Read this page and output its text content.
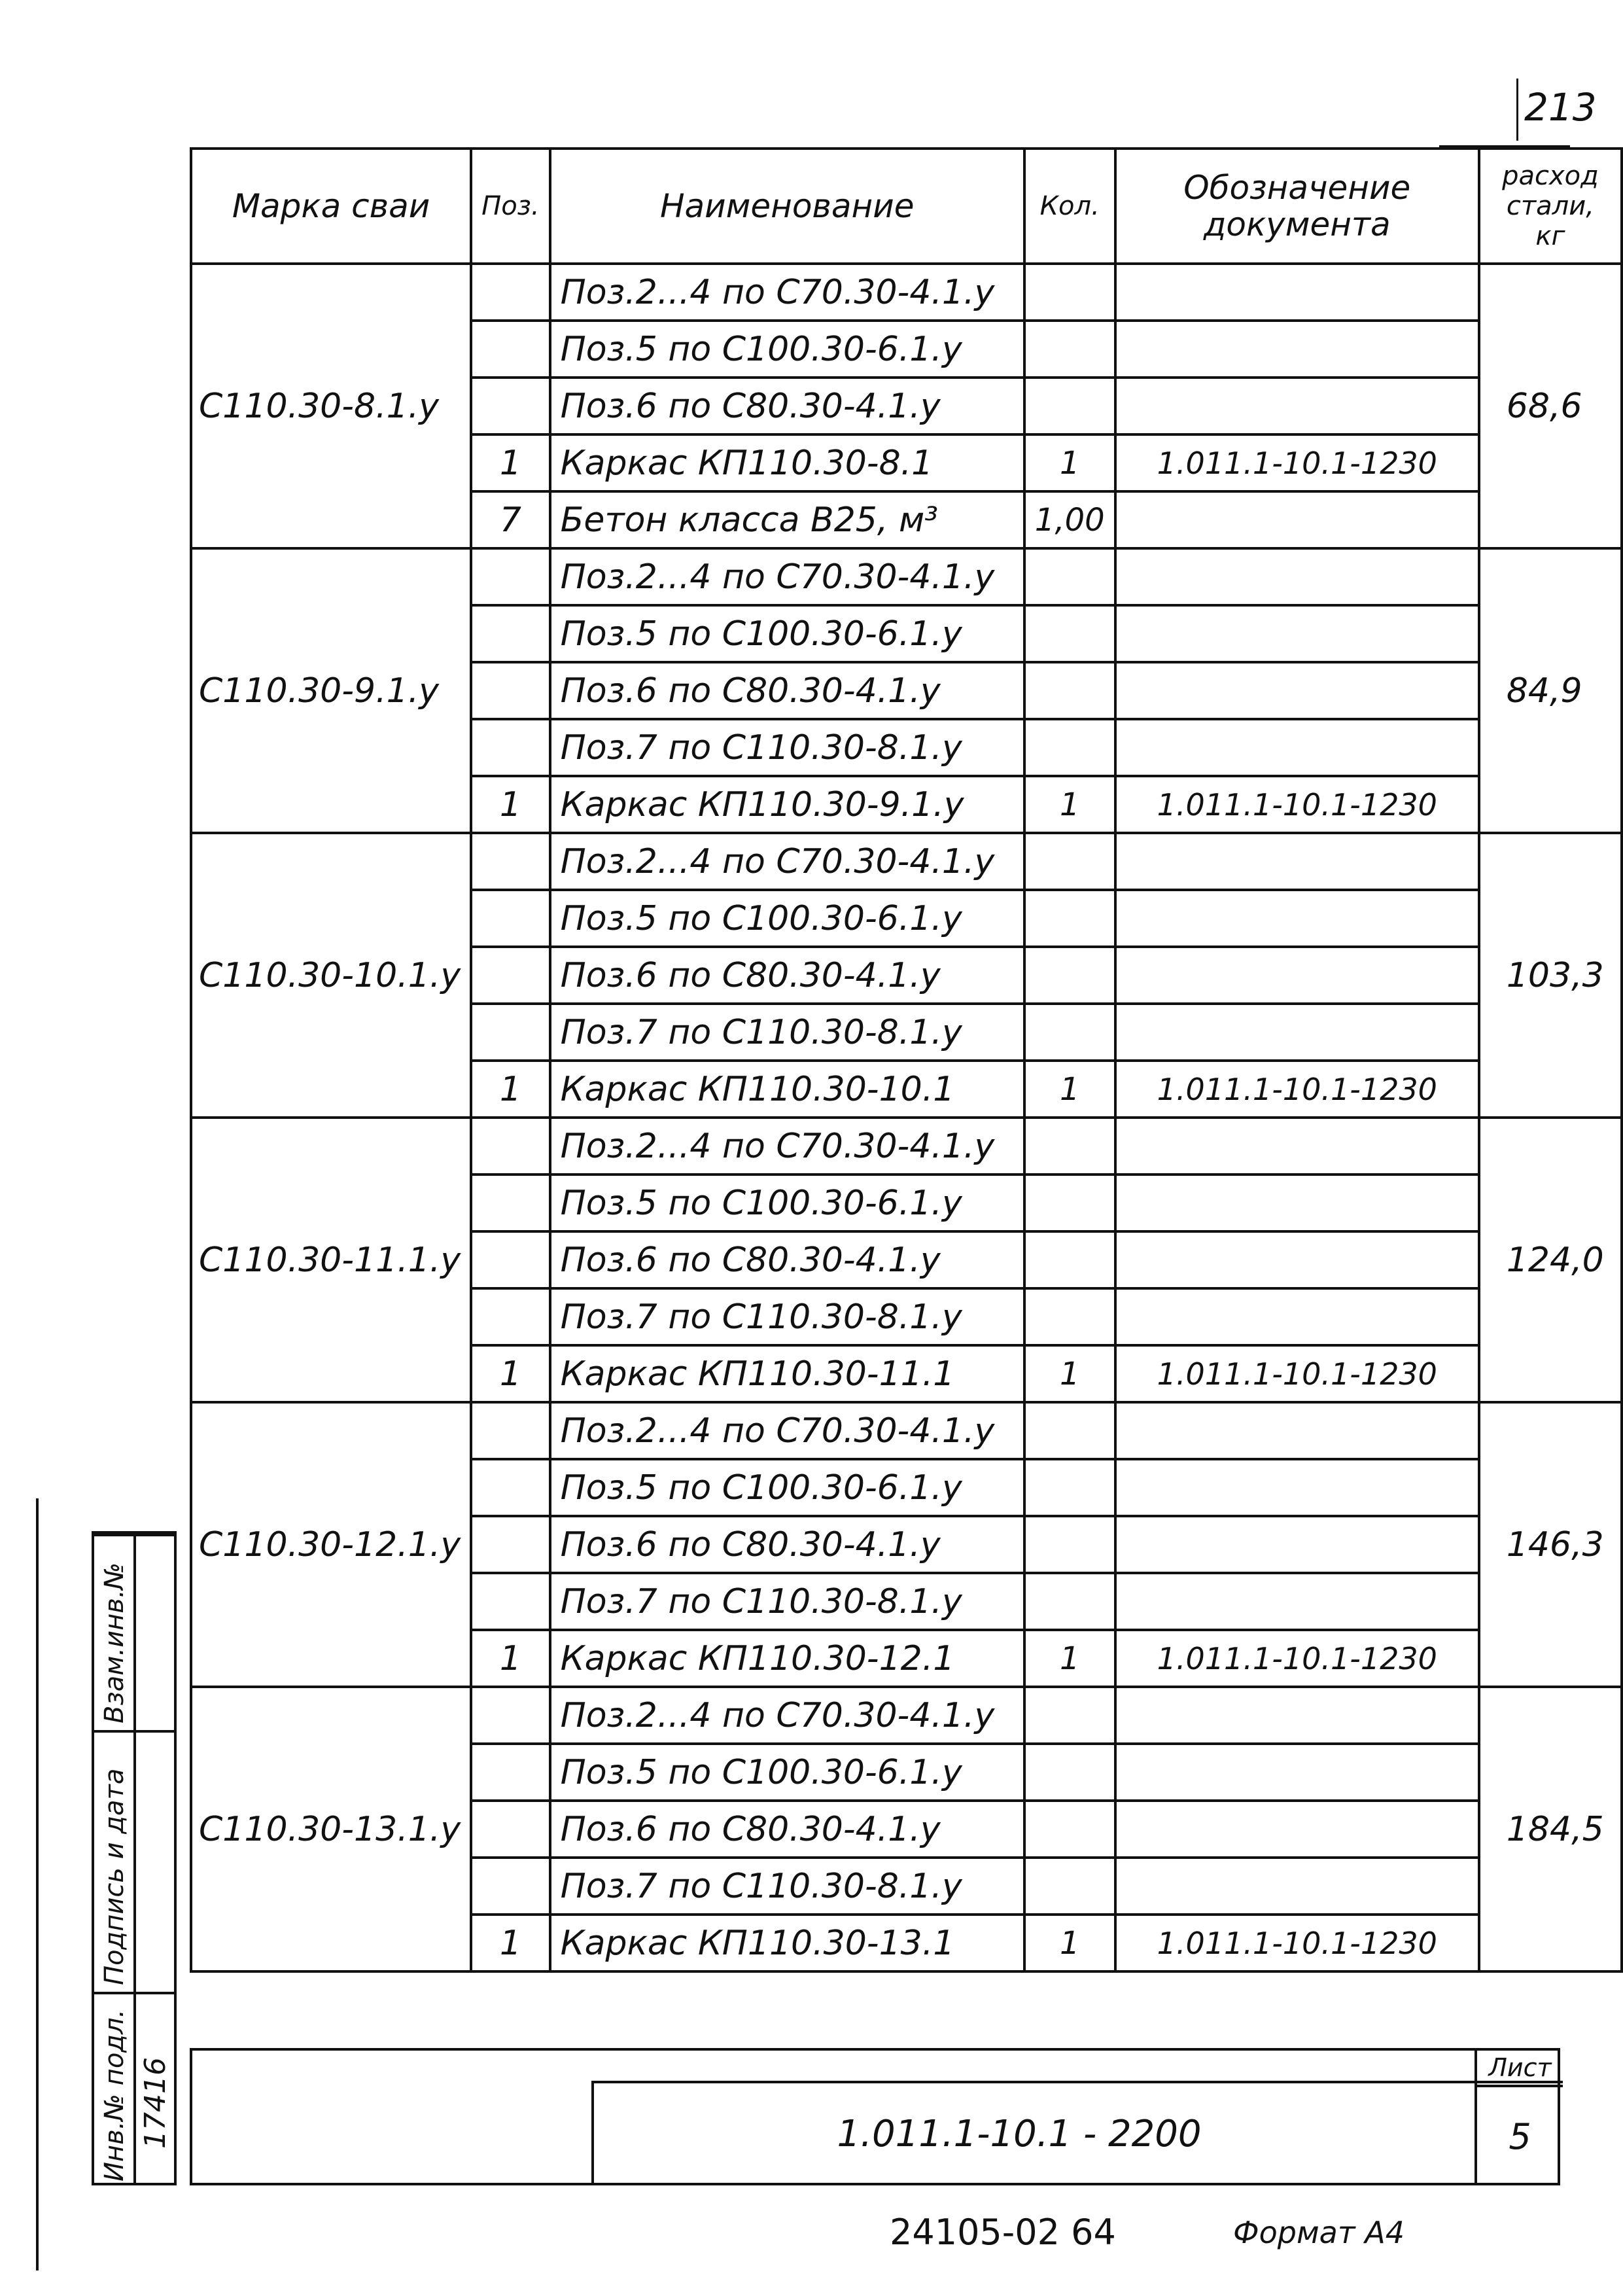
213
Марка сваи	Поз.	Наименование	Кол.	Обозначение документа	расход стали, кг
С110.30-8.1.у		Поз.2...4 по С70.30-4.1.у			68,6
		Поз.5 по С100.30-6.1.у			
		Поз.6 по С80.30-4.1.у			
	1	Каркас КП110.30-8.1	1	1.011.1-10.1-1230	
	7	Бетон класса В25, м³	1,00		
С110.30-9.1.у		Поз.2...4 по С70.30-4.1.у			84,9
		Поз.5 по С100.30-6.1.у			
		Поз.6 по С80.30-4.1.у			
		Поз.7 по С110.30-8.1.у			
	1	Каркас КП110.30-9.1.у	1	1.011.1-10.1-1230	
С110.30-10.1.у		Поз.2...4 по С70.30-4.1.у			103,3
		Поз.5 по С100.30-6.1.у			
		Поз.6 по С80.30-4.1.у			
		Поз.7 по С110.30-8.1.у			
	1	Каркас КП110.30-10.1	1	1.011.1-10.1-1230	
С110.30-11.1.у		Поз.2...4 по С70.30-4.1.у			124,0
		Поз.5 по С100.30-6.1.у			
		Поз.6 по С80.30-4.1.у			
		Поз.7 по С110.30-8.1.у			
	1	Каркас КП110.30-11.1	1	1.011.1-10.1-1230	
С110.30-12.1.у		Поз.2...4 по С70.30-4.1.у			146,3
		Поз.5 по С100.30-6.1.у			
		Поз.6 по С80.30-4.1.у			
		Поз.7 по С110.30-8.1.у			
	1	Каркас КП110.30-12.1	1	1.011.1-10.1-1230	
С110.30-13.1.у		Поз.2...4 по С70.30-4.1.у			184,5
		Поз.5 по С100.30-6.1.у			
		Поз.6 по С80.30-4.1.у			
		Поз.7 по С110.30-8.1.у			
	1	Каркас КП110.30-13.1	1	1.011.1-10.1-1230	
1.011.1-10.1 - 2200
Лист
5
Взам.инв.№
Подпись и дата
Инв.№ подл. 17416
24105-02 64	Формат А4
